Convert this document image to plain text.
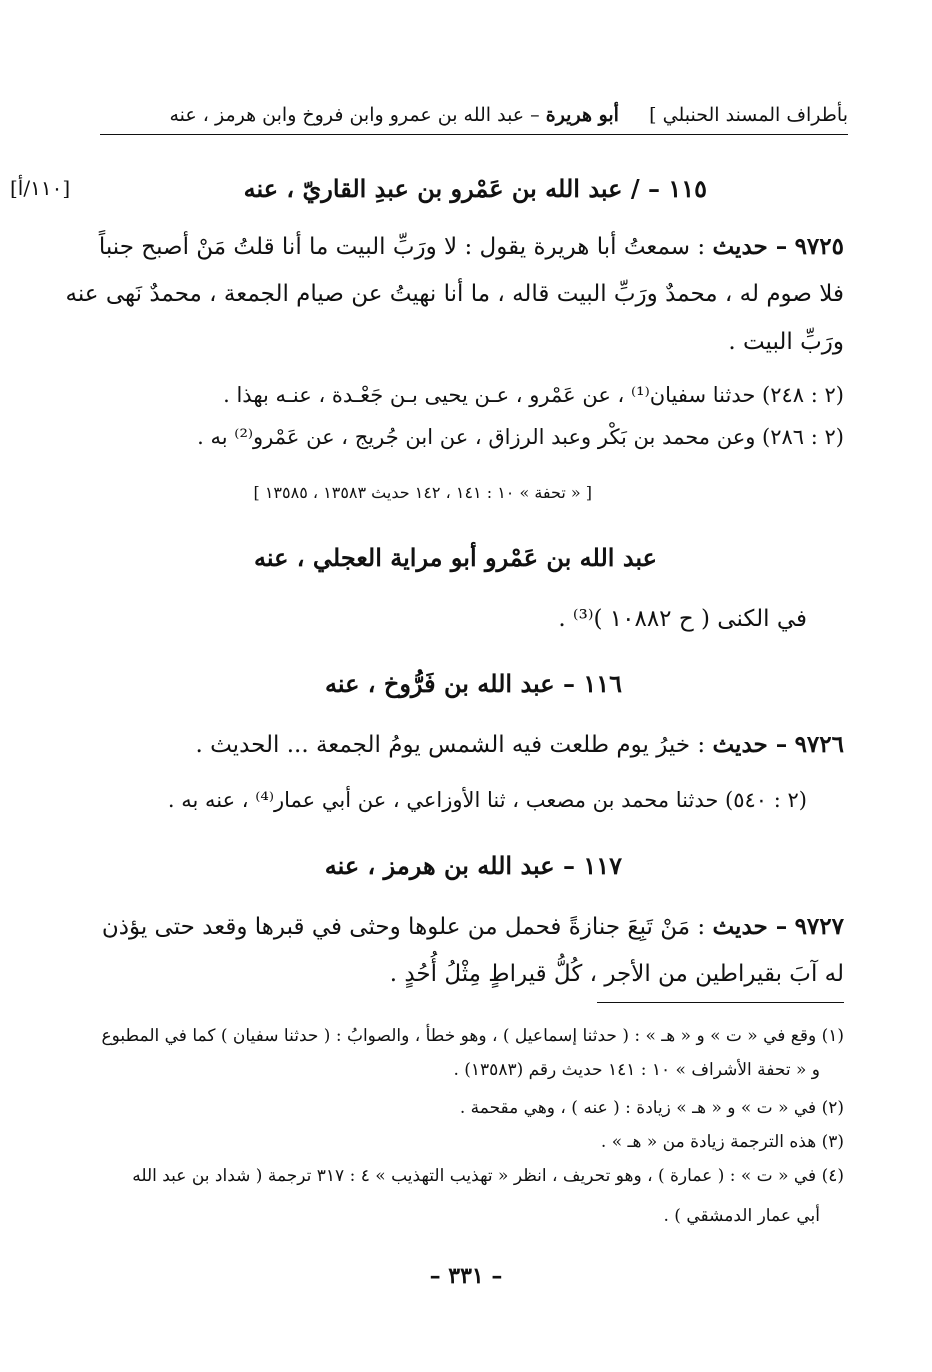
بأطراف المسند الحنبلي ]     أبو هريرة – عبد الله بن عمرو وابن فروخ وابن هرمز ، عنه
[١١٠/أ]	١١٥ – / عبد الله بن عَمْرو بن عبدِ القاريّ ، عنه
٩٧٢٥ – حديث : سمعتُ أبا هريرة يقول : لا ورَبِّ البيت ما أنا قلتُ مَنْ أصبح جنباً
فلا صوم له ، محمدٌ ورَبِّ البيت قاله ، ما أنا نهيتُ عن صيام الجمعة ، محمدٌ نَهى عنه
ورَبِّ البيت .
(٢ : ٢٤٨) حدثنا سفيان⁽¹⁾ ، عن عَمْرو ، عـن يحيى بـن جَعْـدة ، عنـه بهذا .
(٢ : ٢٨٦) وعن محمد بن بَكْر وعبد الرزاق ، عن ابن جُريج ، عن عَمْرو⁽²⁾ به .
[ « تحفة » ١٠ : ١٤١ ، ١٤٢ حديث ١٣٥٨٣ ، ١٣٥٨٥ ]
عبد الله بن عَمْرو أبو مراية العجلي ، عنه
في الكنى ( ح ١٠٨٨٢ )⁽³⁾ .
١١٦ – عبد الله بن فَرُّوخ ، عنه
٩٧٢٦ – حديث : خيرُ يوم طلعت فيه الشمس يومُ الجمعة ... الحديث .
(٢ : ٥٤٠) حدثنا محمد بن مصعب ، ثنا الأوزاعي ، عن أبي عمار⁽⁴⁾ ، عنه به .
١١٧ – عبد الله بن هرمز ، عنه
٩٧٢٧ – حديث : مَنْ تَبِعَ جنازةً فحمل من علوها وحثى في قبرها وقعد حتى يؤذن
له آبَ بقيراطين من الأجر ، كُلُّ قيراطٍ مِثْلُ أُحُدٍ .
(١) وقع في « ت » و « هـ » : ( حدثنا إسماعيل ) ، وهو خطأ ، والصوابُ : ( حدثنا سفيان ) كما في المطبوع
و « تحفة الأشراف » ١٠ : ١٤١ حديث رقم (١٣٥٨٣) .
(٢) في « ت » و « هـ » زيادة : ( عنه ) ، وهي مقحمة .
(٣) هذه الترجمة زيادة من « هـ » .
(٤) في « ت » : ( عمارة ) ، وهو تحريف ، انظر « تهذيب التهذيب » ٤ : ٣١٧ ترجمة ( شداد بن عبد الله
أبي عمار الدمشقي ) .
– ٣٣١ –
